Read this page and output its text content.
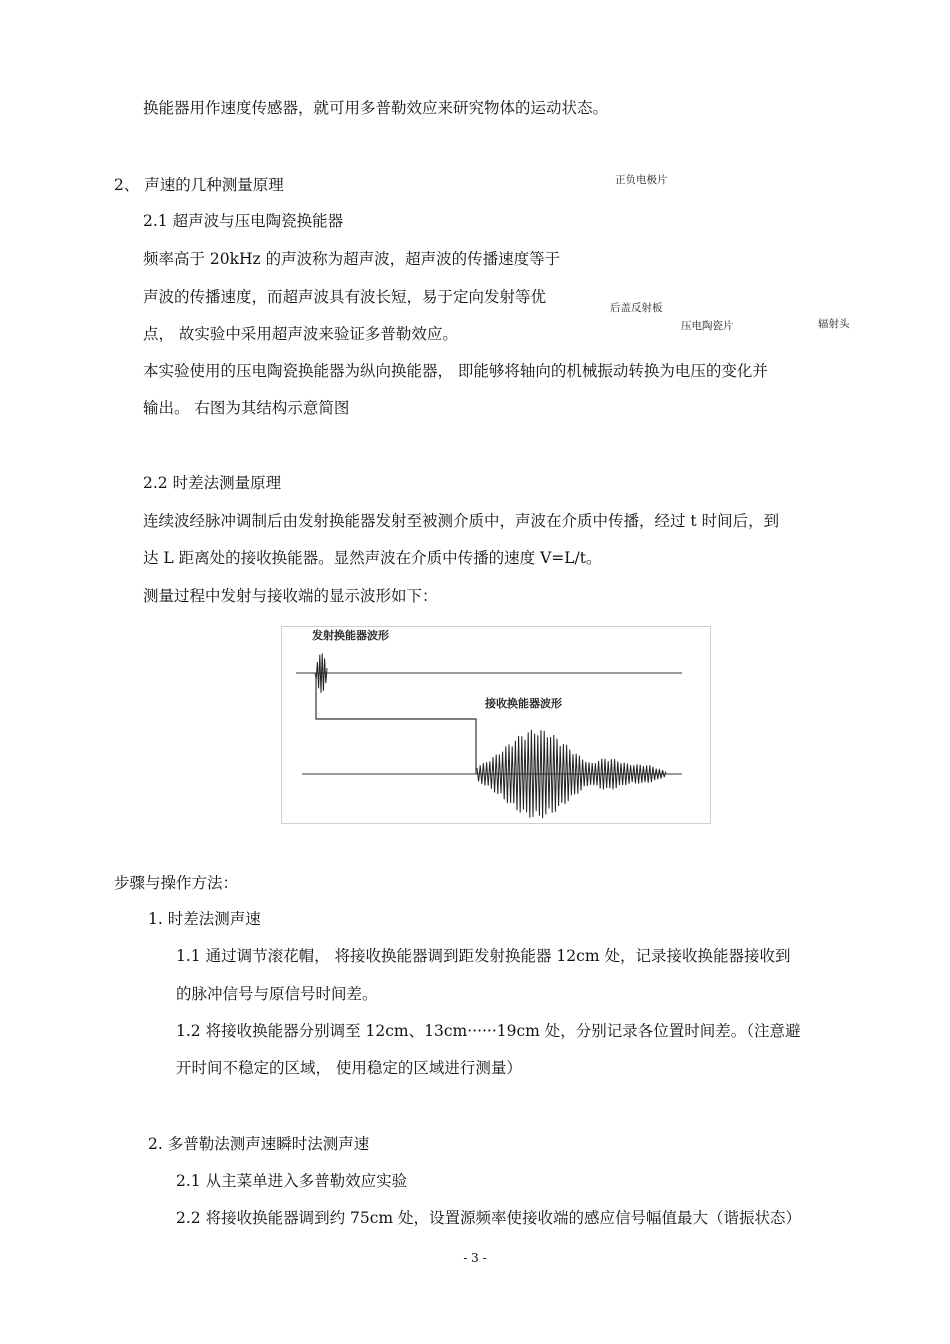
换能器用作速度传感器，就可用多普勒效应来研究物体的运动状态。
2、 声速的几种测量原理
2.1 超声波与压电陶瓷换能器
频率高于 20kHz 的声波称为超声波，超声波的传播速度等于
声波的传播速度，而超声波具有波长短，易于定向发射等优
点， 故实验中采用超声波来验证多普勒效应。
本实验使用的压电陶瓷换能器为纵向换能器， 即能够将轴向的机械振动转换为电压的变化并
输出。 右图为其结构示意简图
正负电极片
后盖反射板
压电陶瓷片	辐射头
2.2 时差法测量原理
连续波经脉冲调制后由发射换能器发射至被测介质中，声波在介质中传播，经过 t 时间后，到
达 L 距离处的接收换能器。显然声波在介质中传播的速度 V=L/t。
测量过程中发射与接收端的显示波形如下：
发射换能器波形
接收换能器波形
步骤与操作方法：
1. 时差法测声速
1.1 通过调节滚花帽， 将接收换能器调到距发射换能器 12cm 处，记录接收换能器接收到
的脉冲信号与原信号时间差。
1.2 将接收换能器分别调至 12cm、13cm······19cm 处，分别记录各位置时间差。（注意避
开时间不稳定的区域， 使用稳定的区域进行测量）
2. 多普勒法测声速瞬时法测声速
2.1 从主菜单进入多普勒效应实验
2.2 将接收换能器调到约 75cm 处，设置源频率使接收端的感应信号幅值最大（谐振状态）
- 3 -
